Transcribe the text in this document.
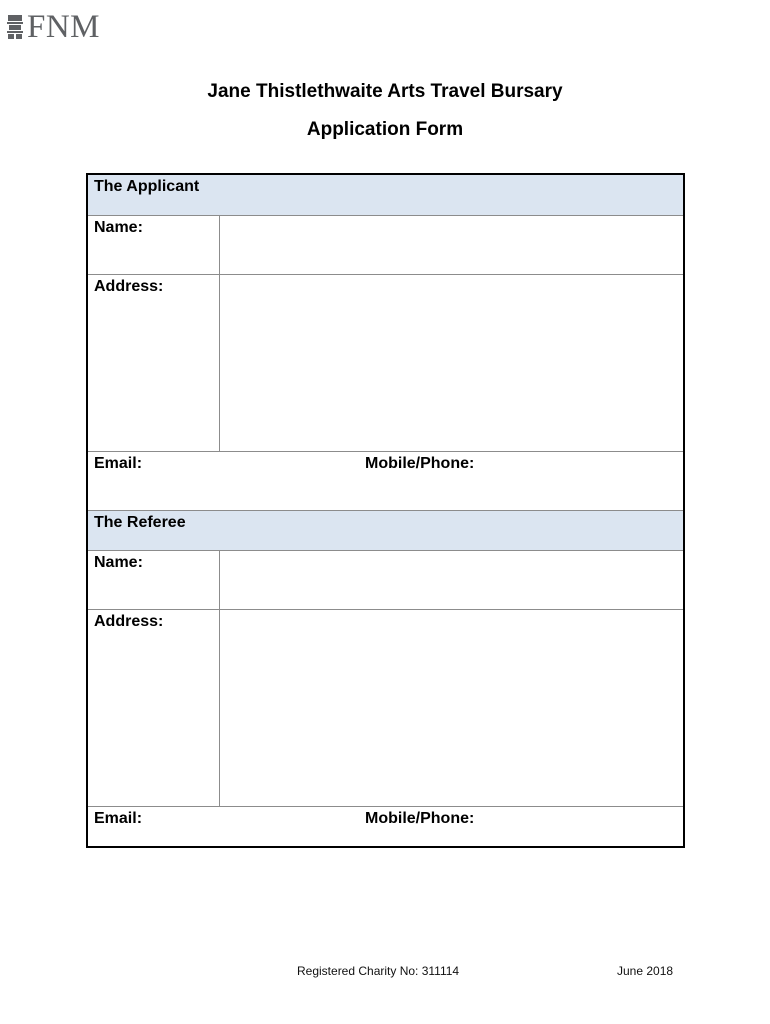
FNM
Jane Thistlethwaite Arts Travel Bursary
Application Form
The Applicant
Name:
Address:
Email:	Mobile/Phone:
The Referee
Name:
Address:
Email:	Mobile/Phone:
Registered Charity No: 311114	June 2018
